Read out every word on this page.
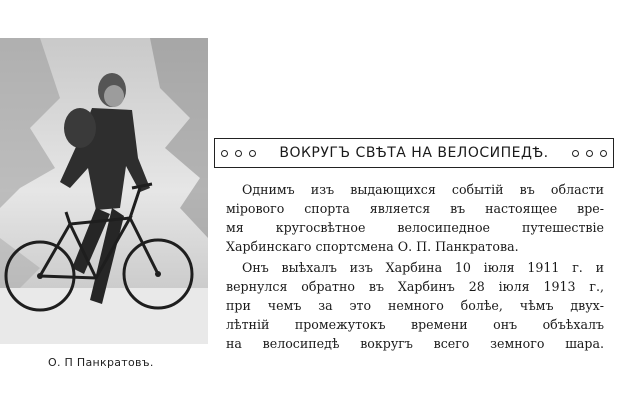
О. П Панкратовъ.
ВОКРУГЪ СВѢТА НА ВЕЛОСИПЕДѢ.
Однимъ изъ выдающихся событiй въ области
мiрового спорта является въ настоящее вре-
мя кругосвѣтное велосипедное путешествiе
Харбинскаго спортсмена О. П. Панкратова.
Онъ выѣхалъ изъ Харбина 10 iюля 1911 г. и
вернулся обратно въ Харбинъ 28 iюля 1913 г.,
при чемъ за это немного болѣе, чѣмъ двух-
лѣтнiй промежутокъ времени онъ объѣхалъ
на велосипедѣ вокругъ всего земного шара.
